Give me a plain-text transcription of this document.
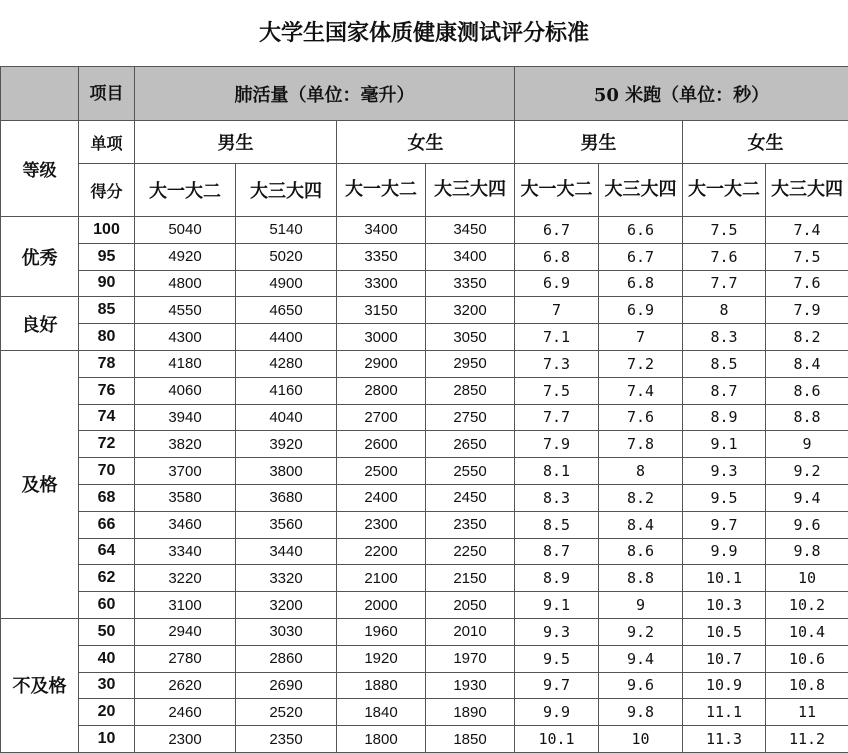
大学生国家体质健康测试评分标准
	项目	肺活量（单位：毫升）				50 米跑（单位：秒）			
等级	单项	男生		女生		男生		女生	
	得分	大一大二	大三大四	大一大二	大三大四	大一大二	大三大四	大一大二	大三大四
优秀	100	5040	5140	3400	3450	6.7	6.6	7.5	7.4
	95	4920	5020	3350	3400	6.8	6.7	7.6	7.5
	90	4800	4900	3300	3350	6.9	6.8	7.7	7.6
良好	85	4550	4650	3150	3200	7	6.9	8	7.9
	80	4300	4400	3000	3050	7.1	7	8.3	8.2
及格	78	4180	4280	2900	2950	7.3	7.2	8.5	8.4
	76	4060	4160	2800	2850	7.5	7.4	8.7	8.6
	74	3940	4040	2700	2750	7.7	7.6	8.9	8.8
	72	3820	3920	2600	2650	7.9	7.8	9.1	9
	70	3700	3800	2500	2550	8.1	8	9.3	9.2
	68	3580	3680	2400	2450	8.3	8.2	9.5	9.4
	66	3460	3560	2300	2350	8.5	8.4	9.7	9.6
	64	3340	3440	2200	2250	8.7	8.6	9.9	9.8
	62	3220	3320	2100	2150	8.9	8.8	10.1	10
	60	3100	3200	2000	2050	9.1	9	10.3	10.2
不及格	50	2940	3030	1960	2010	9.3	9.2	10.5	10.4
	40	2780	2860	1920	1970	9.5	9.4	10.7	10.6
	30	2620	2690	1880	1930	9.7	9.6	10.9	10.8
	20	2460	2520	1840	1890	9.9	9.8	11.1	11
	10	2300	2350	1800	1850	10.1	10	11.3	11.2
